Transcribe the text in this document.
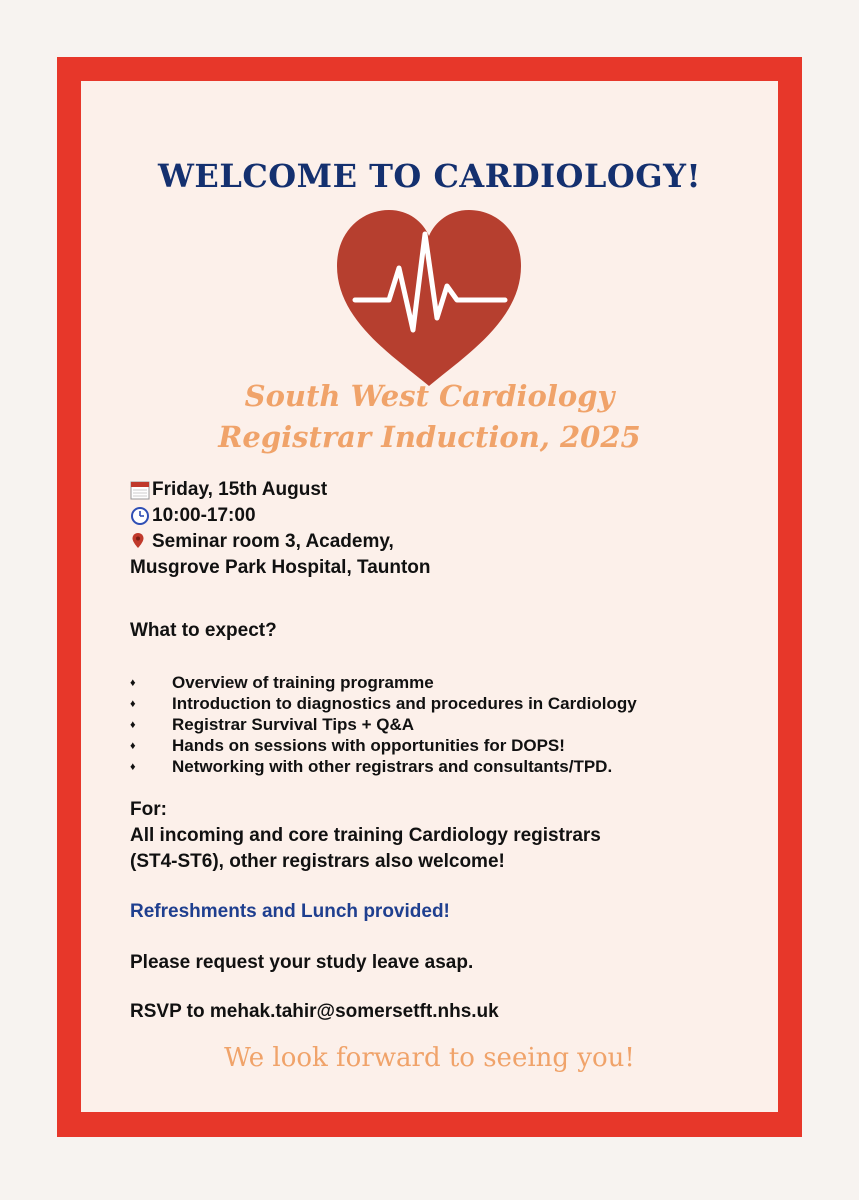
WELCOME TO CARDIOLOGY!
South West Cardiology
Registrar Induction, 2025
Friday, 15th August
10:00-17:00
Seminar room 3, Academy,
Musgrove Park Hospital, Taunton
What to expect?
♦	Overview of training programme
♦	Introduction to diagnostics and procedures in Cardiology
♦	Registrar Survival Tips + Q&A
♦	Hands on sessions with opportunities for DOPS!
♦	Networking with other registrars and consultants/TPD.
For:
All incoming and core training Cardiology registrars
(ST4-ST6), other registrars also welcome!
Refreshments and Lunch provided!
Please request your study leave asap.
RSVP to mehak.tahir@somersetft.nhs.uk
We look forward to seeing you!
